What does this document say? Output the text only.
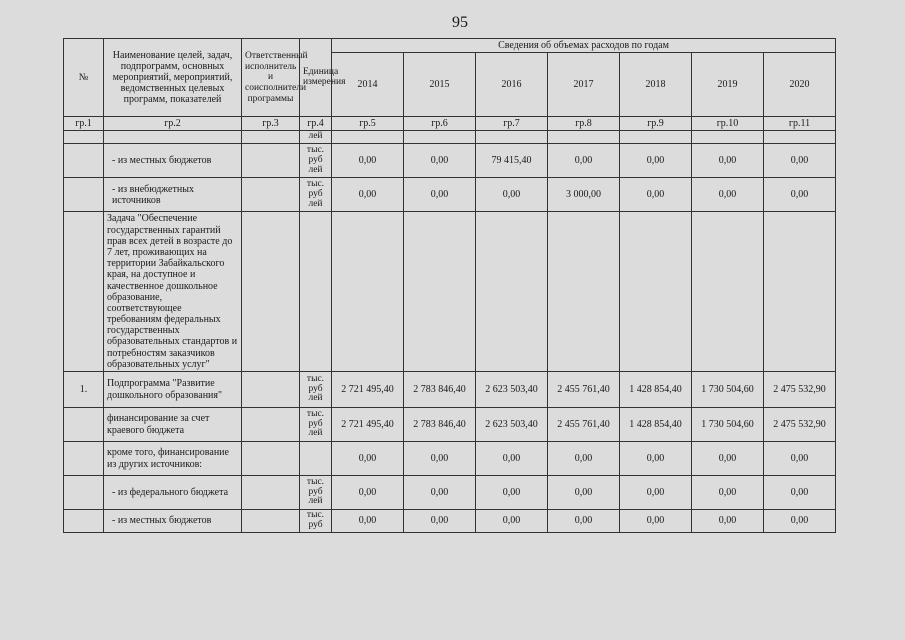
95
№	Наименование целей, задач, подпрограмм, основных мероприятий, мероприятий, ведомственных целевых программ, показателей	Ответственный исполнитель и соисполнители программы	Единица измерения	Сведения об объемах расходов по годам						
				2014	2015	2016	2017	2018	2019	2020
гр.1	гр.2	гр.3	гр.4	гр.5	гр.6	гр.7	гр.8	гр.9	гр.10	гр.11
			лей							
	- из местных бюджетов		тыс. руб лей	0,00	0,00	79 415,40	0,00	0,00	0,00	0,00
	- из внебюджетных источников		тыс. руб лей	0,00	0,00	0,00	3 000,00	0,00	0,00	0,00
	Задача "Обеспечение государственных гарантий прав всех детей в возрасте до 7 лет, проживающих на территории Забайкальского края, на доступное и качественное дошкольное образование, соответствующее требованиям федеральных государственных образовательных стандартов и потребностям заказчиков образовательных услуг"									
1.	Подпрограмма "Развитие дошкольного образования"		тыс. руб лей	2 721 495,40	2 783 846,40	2 623 503,40	2 455 761,40	1 428 854,40	1 730 504,60	2 475 532,90
	финансирование за счет краевого бюджета		тыс. руб лей	2 721 495,40	2 783 846,40	2 623 503,40	2 455 761,40	1 428 854,40	1 730 504,60	2 475 532,90
	кроме того, финансирование из других источников:			0,00	0,00	0,00	0,00	0,00	0,00	0,00
	- из федерального бюджета		тыс. руб лей	0,00	0,00	0,00	0,00	0,00	0,00	0,00
	- из местных бюджетов		тыс. руб	0,00	0,00	0,00	0,00	0,00	0,00	0,00
